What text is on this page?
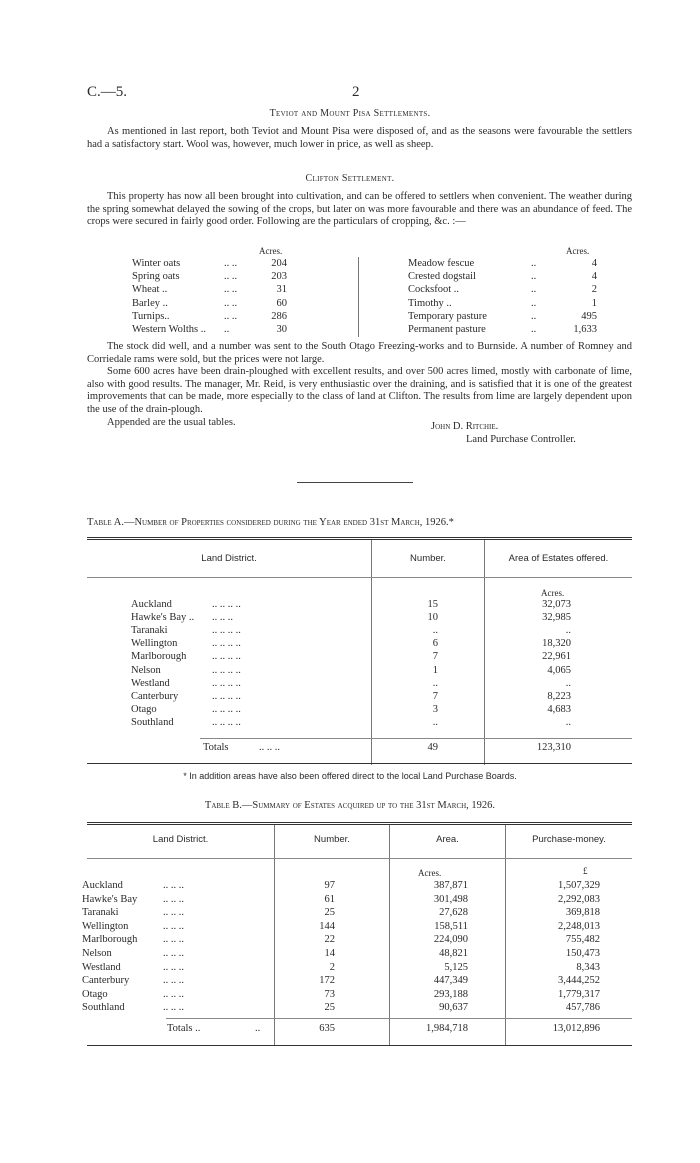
C.—5.	2
Teviot and Mount Pisa Settlements.

As mentioned in last report, both Teviot and Mount Pisa were disposed of, and as the seasons were favourable the settlers had a satisfactory start. Wool was, however, much lower in price, as well as sheep.

Clifton Settlement.

This property has now all been brought into cultivation, and can be offered to settlers when convenient. The weather during the spring somewhat delayed the sowing of the crops, but later on was more favourable and there was an abundance of feed. The crops were secured in fairly good order. Following are the particulars of cropping, &c. :—

Acres.	Acres.
Winter oats	.. ..	204
Spring oats	.. ..	203
Wheat ..	.. ..	31
Barley ..	.. ..	60
Turnips..	.. ..	286
Western Wolths .. ..	30
Meadow fescue	..	4
Crested dogstail	..	4
Cocksfoot ..	..	2
Timothy ..	..	1
Temporary pasture	..	495
Permanent pasture	..	1,633

The stock did well, and a number was sent to the South Otago Freezing-works and to Burnside. A number of Romney and Corriedale rams were sold, but the prices were not large.

Some 600 acres have been drain-ploughed with excellent results, and over 500 acres limed, mostly with carbonate of lime, also with good results. The manager, Mr. Reid, is very enthusiastic over the draining, and is satisfied that it is one of the greatest improvements that can be made, more especially to the class of land at Clifton. The results from lime are largely dependent upon the use of the drain-plough.

Appended are the usual tables.	John D. Ritchie.
Land Purchase Controller.
Table A.—Number of Properties considered during the Year ended 31st March, 1926.*
Land District.	Number.	Area of Estates offered.
Acres.
Auckland	.. .. .. ..	15	32,073
Hawke's Bay .. .. .. ..	10	32,985
Taranaki	.. .. .. ..	..	..
Wellington	.. .. .. ..	6	18,320
Marlborough .. .. .. ..	7	22,961
Nelson	.. .. .. ..	1	4,065
Westland	.. .. .. ..	..	..
Canterbury	.. .. .. ..	7	8,223
Otago	.. .. .. ..	3	4,683
Southland	.. .. .. ..	..	..
Totals	.. .. ..	49	123,310
* In addition areas have also been offered direct to the local Land Purchase Boards.
Table B.—Summary of Estates acquired up to the 31st March, 1926.
Land District.	Number.	Area.	Purchase-money.
Acres.	£
Auckland	.. .. ..	97	387,871	1,507,329
Hawke's Bay .. .. ..	61	301,498	2,292,083
Taranaki	.. .. ..	25	27,628	369,818
Wellington	.. .. ..	144	158,511	2,248,013
Marlborough .. .. ..	22	224,090	755,482
Nelson	.. .. ..	14	48,821	150,473
Westland	.. .. ..	2	5,125	8,343
Canterbury	.. .. ..	172	447,349	3,444,252
Otago	.. .. ..	73	293,188	1,779,317
Southland	.. .. ..	25	90,637	457,786
Totals ..	..	635	1,984,718	13,012,896
